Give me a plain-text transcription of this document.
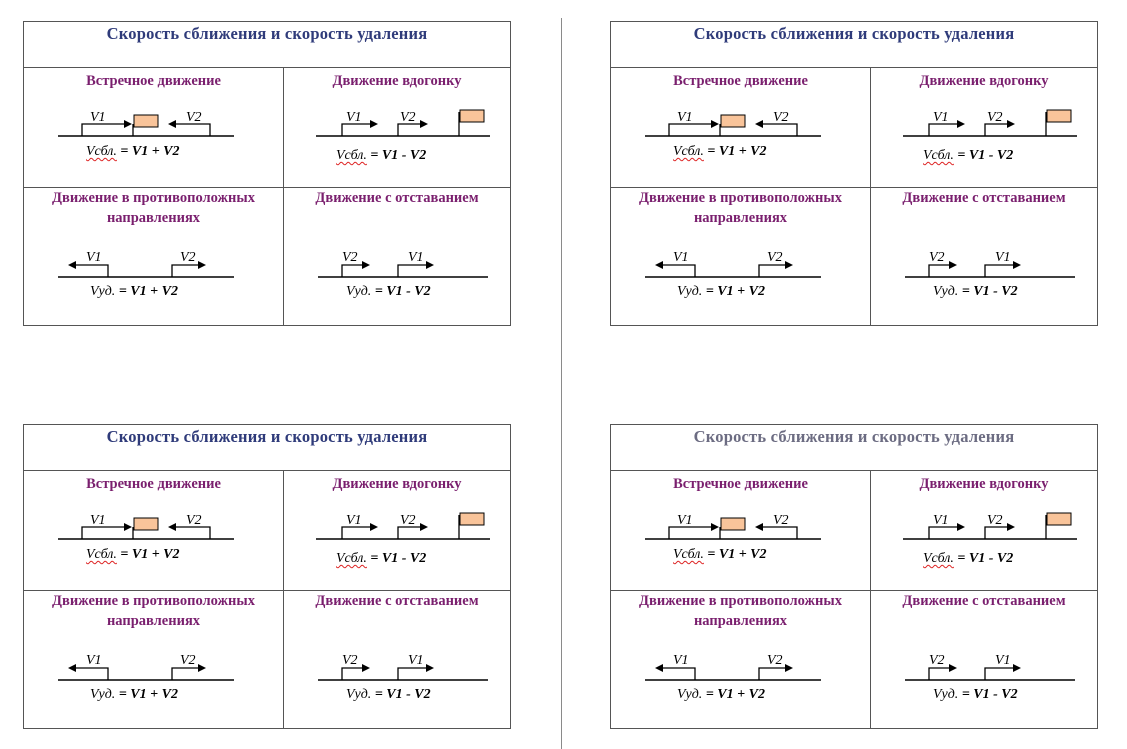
Скорость сближения и скорость удаления
Встречное движение
V1	V2
Vсбл. = V1 + V2
Движение вдогонку
V1	V2
Vсбл. = V1 - V2
Движение в противоположных направлениях
V1	V2
Vуд. = V1 + V2
Движение с отставанием
V2	V1
Vуд. = V1 - V2
Скорость сближения и скорость удаления
Встречное движение
V1	V2
Vсбл. = V1 + V2
Движение вдогонку
V1	V2
Vсбл. = V1 - V2
Движение в противоположных направлениях
V1	V2
Vуд. = V1 + V2
Движение с отставанием
V2	V1
Vуд. = V1 - V2
Скорость сближения и скорость удаления
Встречное движение
V1	V2
Vсбл. = V1 + V2
Движение вдогонку
V1	V2
Vсбл. = V1 - V2
Движение в противоположных направлениях
V1	V2
Vуд. = V1 + V2
Движение с отставанием
V2	V1
Vуд. = V1 - V2
Скорость сближения и скорость удаления
Встречное движение
V1	V2
Vсбл. = V1 + V2
Движение вдогонку
V1	V2
Vсбл. = V1 - V2
Движение в противоположных направлениях
V1	V2
Vуд. = V1 + V2
Движение с отставанием
V2	V1
Vуд. = V1 - V2
